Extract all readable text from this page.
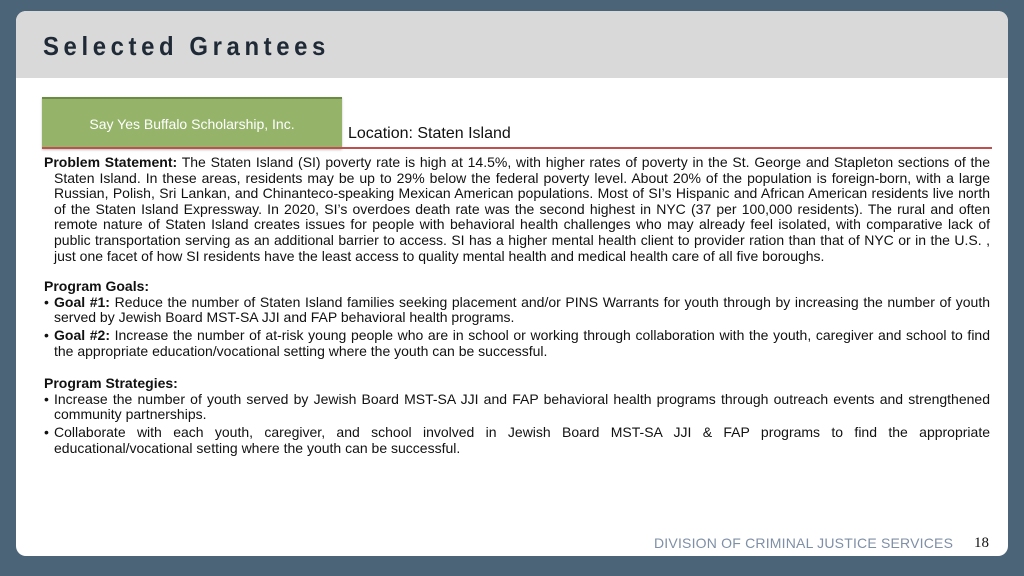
Selected Grantees
Say Yes Buffalo Scholarship, Inc.
Location: Staten Island

Problem Statement: The Staten Island (SI) poverty rate is high at 14.5%, with higher rates of poverty in the St. George and Stapleton sections of the Staten Island. In these areas, residents may be up to 29% below the federal poverty level. About 20% of the population is foreign-born, with a large Russian, Polish, Sri Lankan, and Chinanteco-speaking Mexican American populations. Most of SI’s Hispanic and African American residents live north of the Staten Island Expressway. In 2020, SI’s overdoes death rate was the second highest in NYC (37 per 100,000 residents). The rural and often remote nature of Staten Island creates issues for people with behavioral health challenges who may already feel isolated, with comparative lack of public transportation serving as an additional barrier to access. SI has a higher mental health client to provider ration than that of NYC or in the U.S. , just one facet of how SI residents have the least access to quality mental health and medical health care of all five boroughs.

Program Goals:

• Goal #1: Reduce the number of Staten Island families seeking placement and/or PINS Warrants for youth through by increasing the number of youth served by Jewish Board MST-SA JJI and FAP behavioral health programs.

• Goal #2: Increase the number of at-risk young people who are in school or working through collaboration with the youth, caregiver and school to find the appropriate education/vocational setting where the youth can be successful.

Program Strategies:

• Increase the number of youth served by Jewish Board MST-SA JJI and FAP behavioral health programs through outreach events and strengthened community partnerships.

• Collaborate with each youth, caregiver, and school involved in Jewish Board MST-SA JJI & FAP programs to find the appropriate educational/vocational setting where the youth can be successful.

DIVISION OF CRIMINAL JUSTICE SERVICES 18
